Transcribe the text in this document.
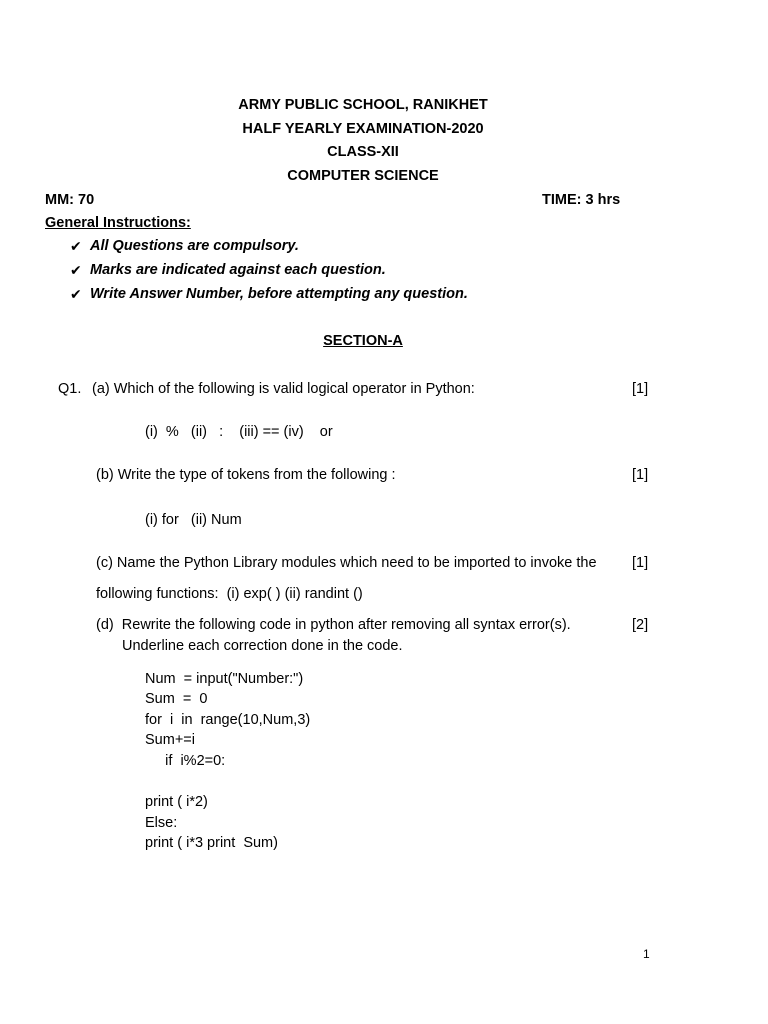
ARMY PUBLIC SCHOOL, RANIKHET
HALF YEARLY EXAMINATION-2020
CLASS-XII
COMPUTER SCIENCE
MM: 70	TIME: 3 hrs
General Instructions:
✔ All Questions are compulsory.
✔ Marks are indicated against each question.
✔ Write Answer Number, before attempting any question.
SECTION-A
Q1. (a) Which of the following is valid logical operator in Python:	[1]
(i)  %   (ii)   :    (iii) == (iv)    or
(b) Write the type of tokens from the following :	[1]
(i) for   (ii) Num
(c) Name the Python Library modules which need to be imported to invoke the [1]
following functions:  (i) exp( ) (ii) randint ()
(d)  Rewrite the following code in python after removing all syntax error(s).	[2]
Underline each correction done in the code.
Num  = input("Number:")
Sum  =  0
for  i  in  range(10,Num,3)
Sum+=i
if  i%2=0:
print ( i*2)
Else:
print ( i*3 print  Sum)
1
